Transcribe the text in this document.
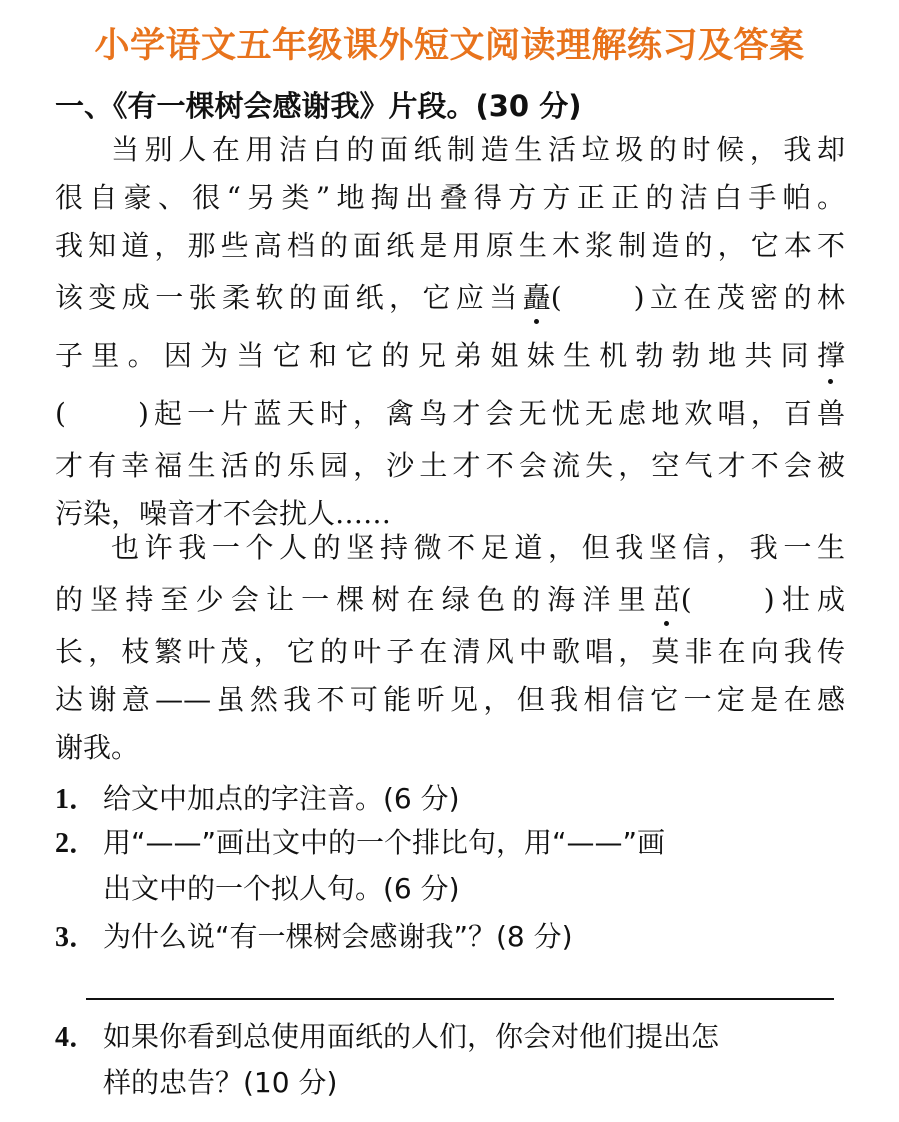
小学语文五年级课外短文阅读理解练习及答案
一、《有一棵树会感谢我》片段。(30 分)
当别人在用洁白的面纸制造生活垃圾的时候，我却
很自豪、很“另类”地掏出叠得方方正正的洁白手帕。
我知道，那些高档的面纸是用原生木浆制造的，它本不
该变成一张柔软的面纸，它应当矗(	)立在茂密的林
子里。因为当它和它的兄弟姐妹生机勃勃地共同撑
(	)起一片蓝天时，禽鸟才会无忧无虑地欢唱，百兽
才有幸福生活的乐园，沙土才不会流失，空气才不会被
污染，噪音才不会扰人……
也许我一个人的坚持微不足道，但我坚信，我一生
的坚持至少会让一棵树在绿色的海洋里茁(	)壮成
长，枝繁叶茂，它的叶子在清风中歌唱，莫非在向我传
达谢意——虽然我不可能听见，但我相信它一定是在感
谢我。
1． 给文中加点的字注音。(6 分)
2． 用“——”画出文中的一个排比句，用“——”画
出文中的一个拟人句。(6 分)
3． 为什么说“有一棵树会感谢我”？(8 分)
4． 如果你看到总使用面纸的人们，你会对他们提出怎
样的忠告？(10 分)
